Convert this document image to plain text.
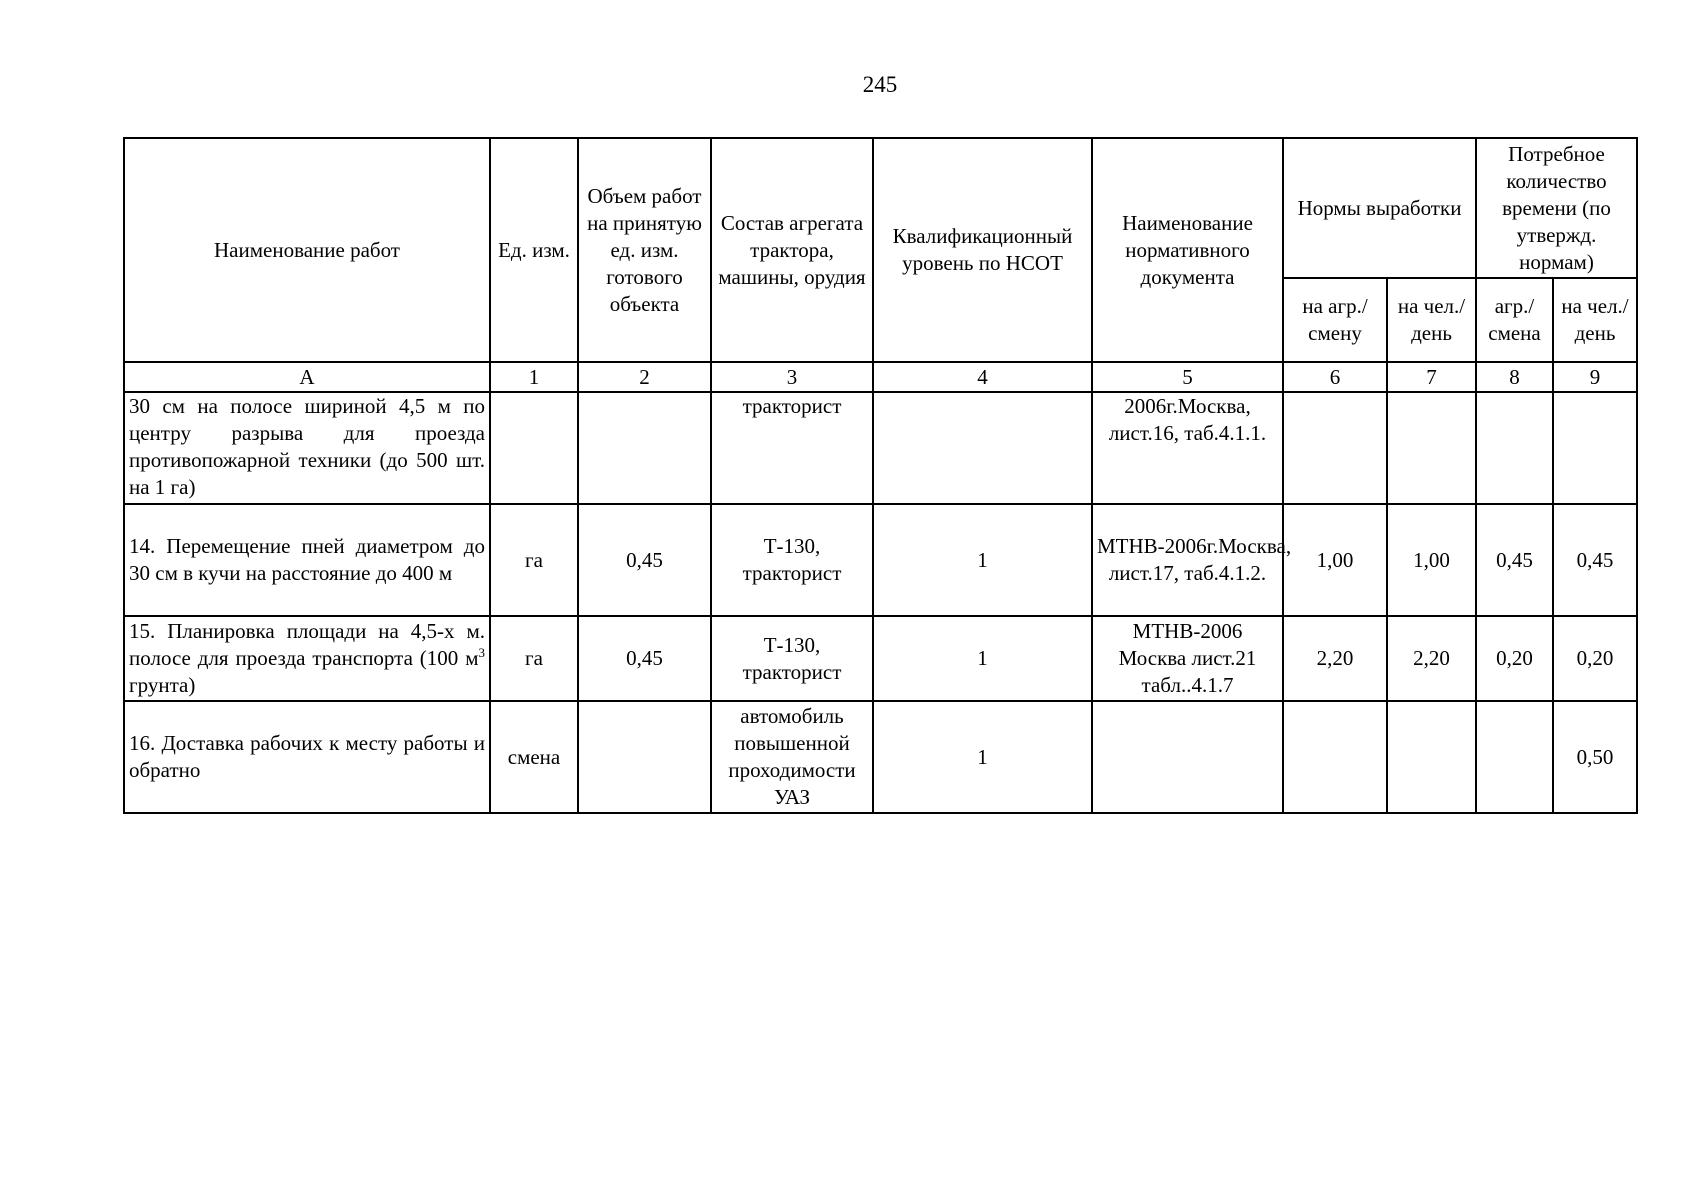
245
Наименование работ	Ед. изм.	Объем работ на принятую ед. изм. готового объекта	Состав агрегата трактора, машины, орудия	Квалификационный уровень по НСОТ	Наименование нормативного документа	Нормы выработки		Потребное количество времени (по утвержд. нормам)	
						на агр./ смену	на чел./ день	агр./ смена	на чел./ день
А	1	2	3	4	5	6	7	8	9
30 см на полосе шириной 4,5 м по центру разрыва для проезда противопожарной техники (до 500 шт. на 1 га)			тракторист		2006г.Москва, лист.16, таб.4.1.1.				
14. Перемещение пней диаметром до 30 см в кучи на расстояние до 400 м	га	0,45	Т-130, тракторист	1	МТНВ-2006г.Москва, лист.17, таб.4.1.2.	1,00	1,00	0,45	0,45
15. Планировка площади на 4,5-х м. полосе для проезда транспорта (100 $м^3$ грунта)	га	0,45	Т-130, тракторист	1	МТНВ-2006 Москва лист.21 табл..4.1.7	2,20	2,20	0,20	0,20
16. Доставка рабочих к месту работы и обратно	смена		автомобиль повышенной проходимости УАЗ	1					0,50
